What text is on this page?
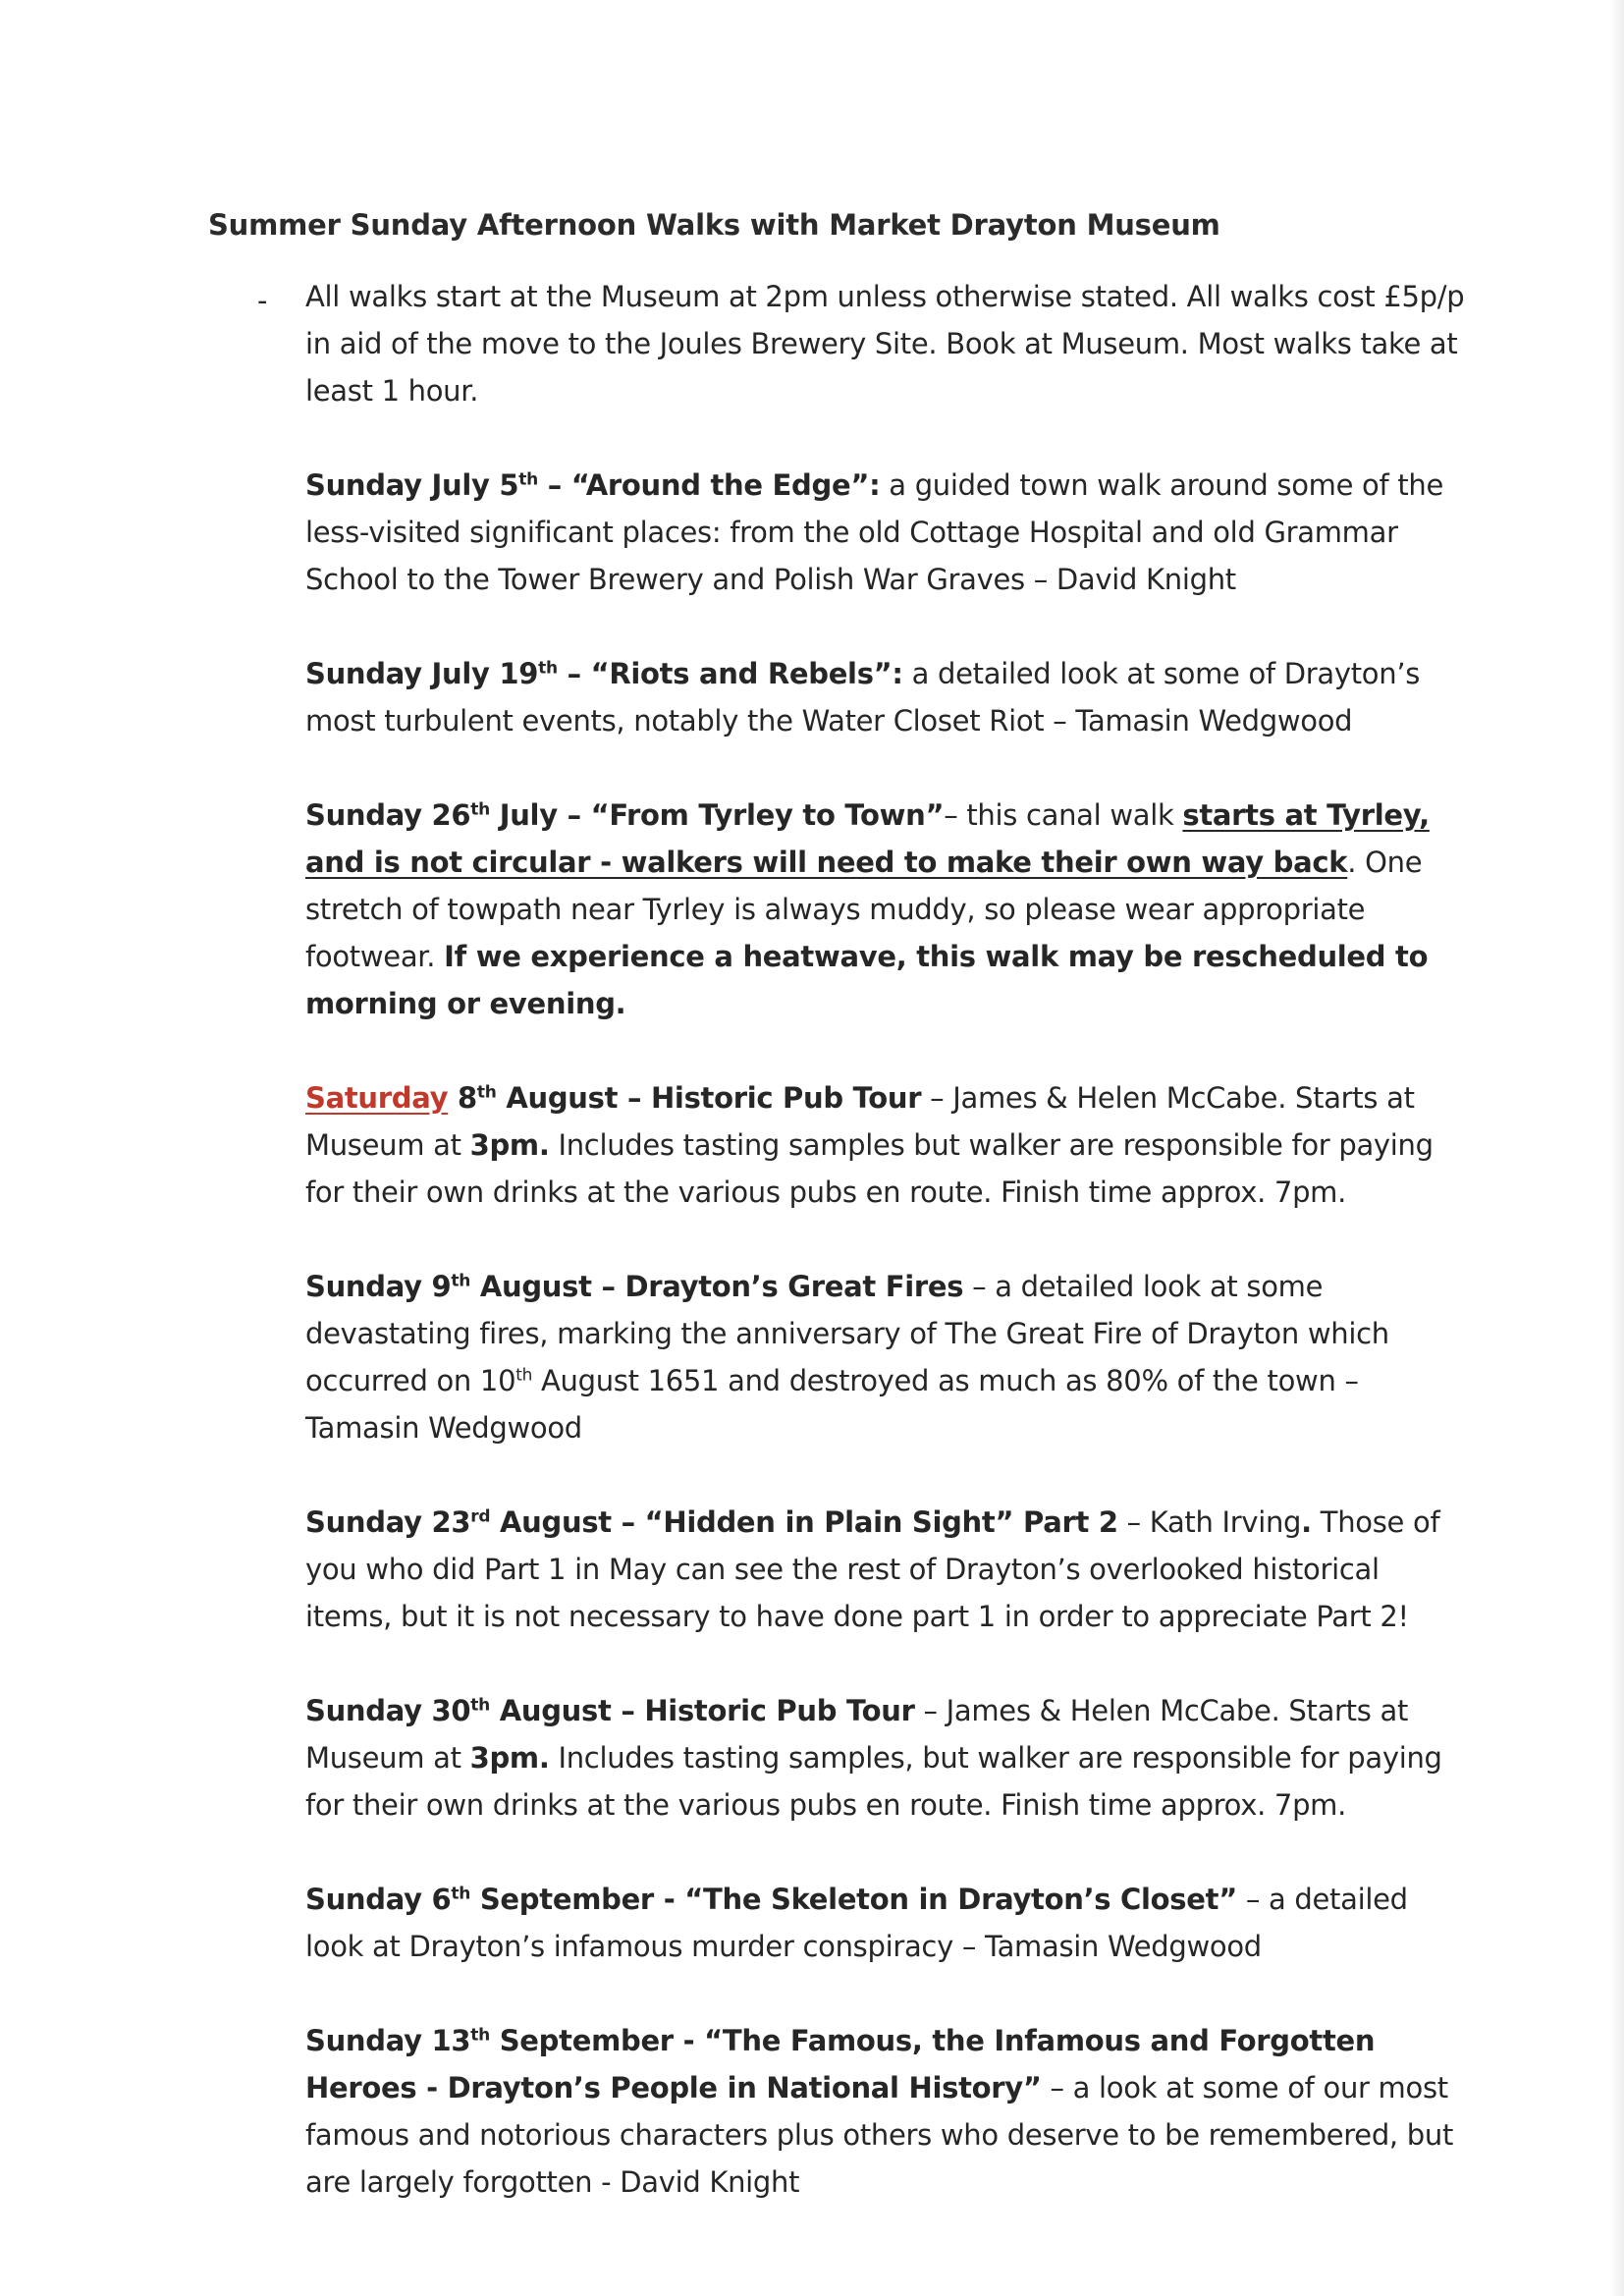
Summer Sunday Afternoon Walks with Market Drayton Museum
- All walks start at the Museum at 2pm unless otherwise stated. All walks cost £5p/p in aid of the move to the Joules Brewery Site. Book at Museum. Most walks take at least 1 hour.

Sunday July 5th – “Around the Edge”: a guided town walk around some of the less-visited significant places: from the old Cottage Hospital and old Grammar School to the Tower Brewery and Polish War Graves – David Knight

Sunday July 19th – “Riots and Rebels”: a detailed look at some of Drayton’s most turbulent events, notably the Water Closet Riot – Tamasin Wedgwood

Sunday 26th July – “From Tyrley to Town”– this canal walk starts at Tyrley, and is not circular - walkers will need to make their own way back. One stretch of towpath near Tyrley is always muddy, so please wear appropriate footwear. If we experience a heatwave, this walk may be rescheduled to morning or evening.

Saturday 8th August – Historic Pub Tour – James & Helen McCabe. Starts at Museum at 3pm. Includes tasting samples but walker are responsible for paying for their own drinks at the various pubs en route. Finish time approx. 7pm.

Sunday 9th August – Drayton’s Great Fires – a detailed look at some devastating fires, marking the anniversary of The Great Fire of Drayton which occurred on 10th August 1651 and destroyed as much as 80% of the town – Tamasin Wedgwood

Sunday 23rd August – “Hidden in Plain Sight” Part 2 – Kath Irving. Those of you who did Part 1 in May can see the rest of Drayton’s overlooked historical items, but it is not necessary to have done part 1 in order to appreciate Part 2!

Sunday 30th August – Historic Pub Tour – James & Helen McCabe. Starts at Museum at 3pm. Includes tasting samples, but walker are responsible for paying for their own drinks at the various pubs en route. Finish time approx. 7pm.

Sunday 6th September - “The Skeleton in Drayton’s Closet” – a detailed look at Drayton’s infamous murder conspiracy – Tamasin Wedgwood

Sunday 13th September - “The Famous, the Infamous and Forgotten Heroes - Drayton’s People in National History” – a look at some of our most famous and notorious characters plus others who deserve to be remembered, but are largely forgotten - David Knight
